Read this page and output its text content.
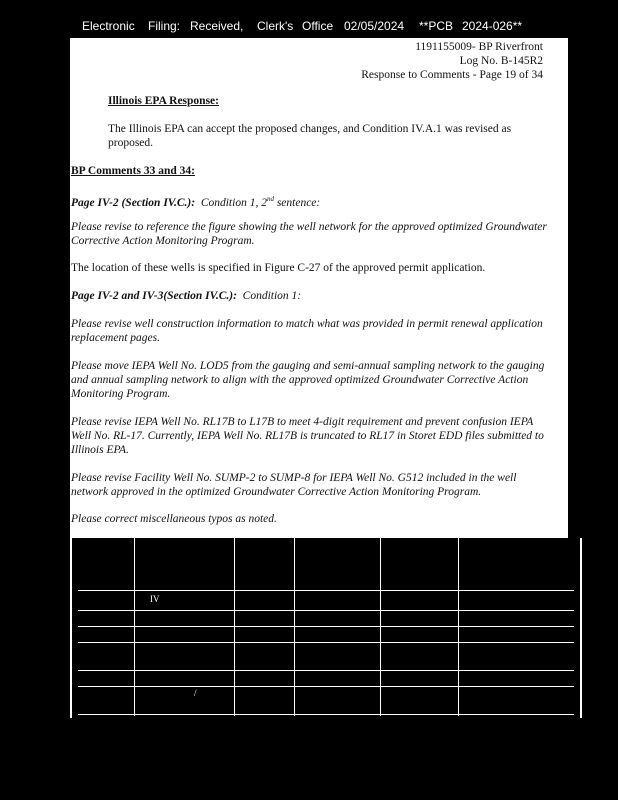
Electronic Filing: Received, Clerk's Office 02/05/2024 **PCB 2024-026**
1191155009- BP Riverfront
Log No. B-145R2
Response to Comments - Page 19 of 34
Illinois EPA Response:
The Illinois EPA can accept the proposed changes, and Condition IV.A.1 was revised as proposed.
BP Comments 33 and 34:
Page IV-2 (Section IV.C.): Condition 1, 2nd sentence:
Please revise to reference the figure showing the well network for the approved optimized Groundwater Corrective Action Monitoring Program.
The location of these wells is specified in Figure C-27 of the approved permit application.
Page IV-2 and IV-3(Section IV.C.): Condition 1:
Please revise well construction information to match what was provided in permit renewal application replacement pages.
Please move IEPA Well No. LOD5 from the gauging and semi-annual sampling network to the gauging and annual sampling network to align with the approved optimized Groundwater Corrective Action Monitoring Program.
Please revise IEPA Well No. RL17B to L17B to meet 4-digit requirement and prevent confusion IEPA Well No. RL-17. Currently, IEPA Well No. RL17B is truncated to RL17 in Storet EDD files submitted to Illinois EPA.
Please revise Facility Well No. SUMP-2 to SUMP-8 for IEPA Well No. G512 included in the well network approved in the optimized Groundwater Corrective Action Monitoring Program.
Please correct miscellaneous typos as noted.
IV
/
